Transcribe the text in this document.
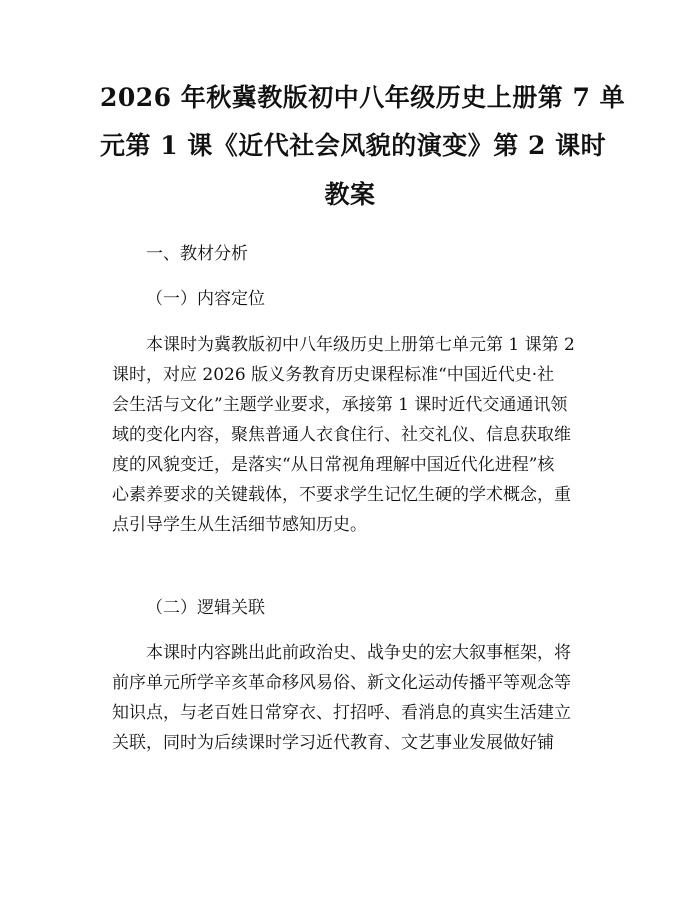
2026 年秋冀教版初中八年级历史上册第 7 单
元第 1 课《近代社会风貌的演变》第 2 课时
教案
一、教材分析
（一）内容定位
本课时为冀教版初中八年级历史上册第七单元第 1 课第 2
课时，对应 2026 版义务教育历史课程标准“中国近代史·社
会生活与文化”主题学业要求，承接第 1 课时近代交通通讯领
域的变化内容，聚焦普通人衣食住行、社交礼仪、信息获取维
度的风貌变迁，是落实“从日常视角理解中国近代化进程”核
心素养要求的关键载体，不要求学生记忆生硬的学术概念，重
点引导学生从生活细节感知历史。
（二）逻辑关联
本课时内容跳出此前政治史、战争史的宏大叙事框架，将
前序单元所学辛亥革命移风易俗、新文化运动传播平等观念等
知识点，与老百姓日常穿衣、打招呼、看消息的真实生活建立
关联，同时为后续课时学习近代教育、文艺事业发展做好铺
